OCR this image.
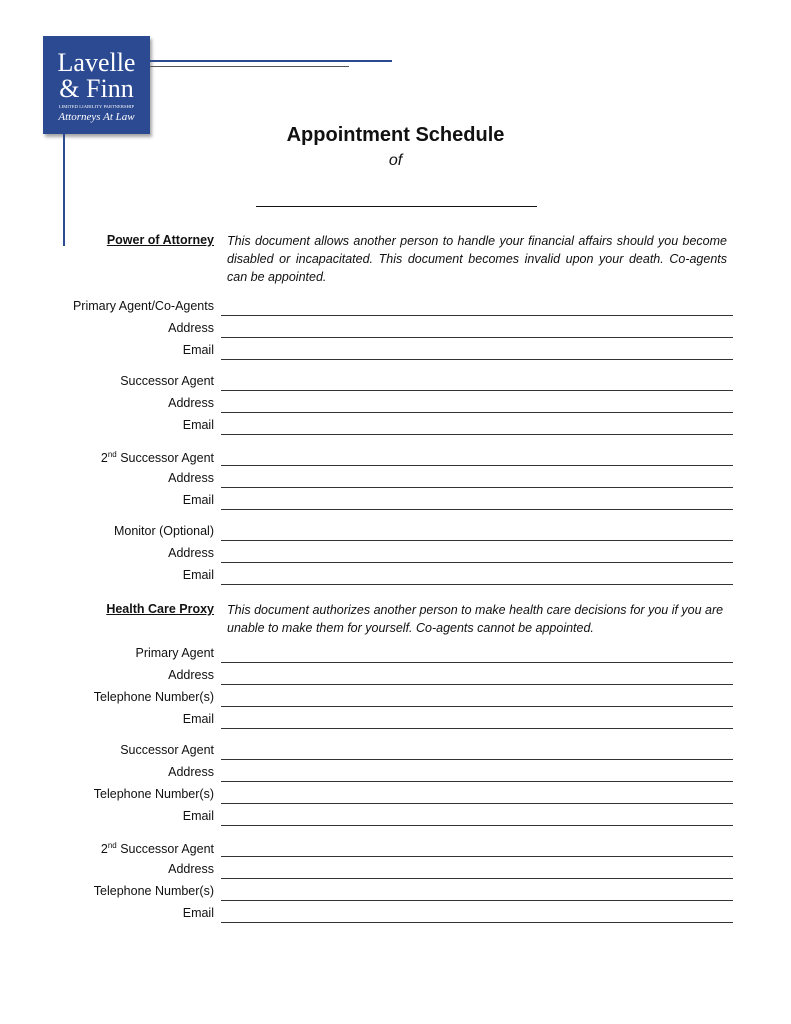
Lavelle
& Finn
LIMITED LIABILITY PARTNERSHIP
Attorneys At Law
Appointment Schedule
of
Power of Attorney This document allows another person to handle your financial affairs should you become disabled or incapacitated. This document becomes invalid upon your death. Co-agents can be appointed.
Primary Agent/Co-Agents
Address
Email
Successor Agent
Address
Email
2nd Successor Agent
Address
Email
Monitor (Optional)
Address
Email
Health Care Proxy This document authorizes another person to make health care decisions for you if you are unable to make them for yourself. Co-agents cannot be appointed.
Primary Agent
Address
Telephone Number(s)
Email
Successor Agent
Address
Telephone Number(s)
Email
2nd Successor Agent
Address
Telephone Number(s)
Email
